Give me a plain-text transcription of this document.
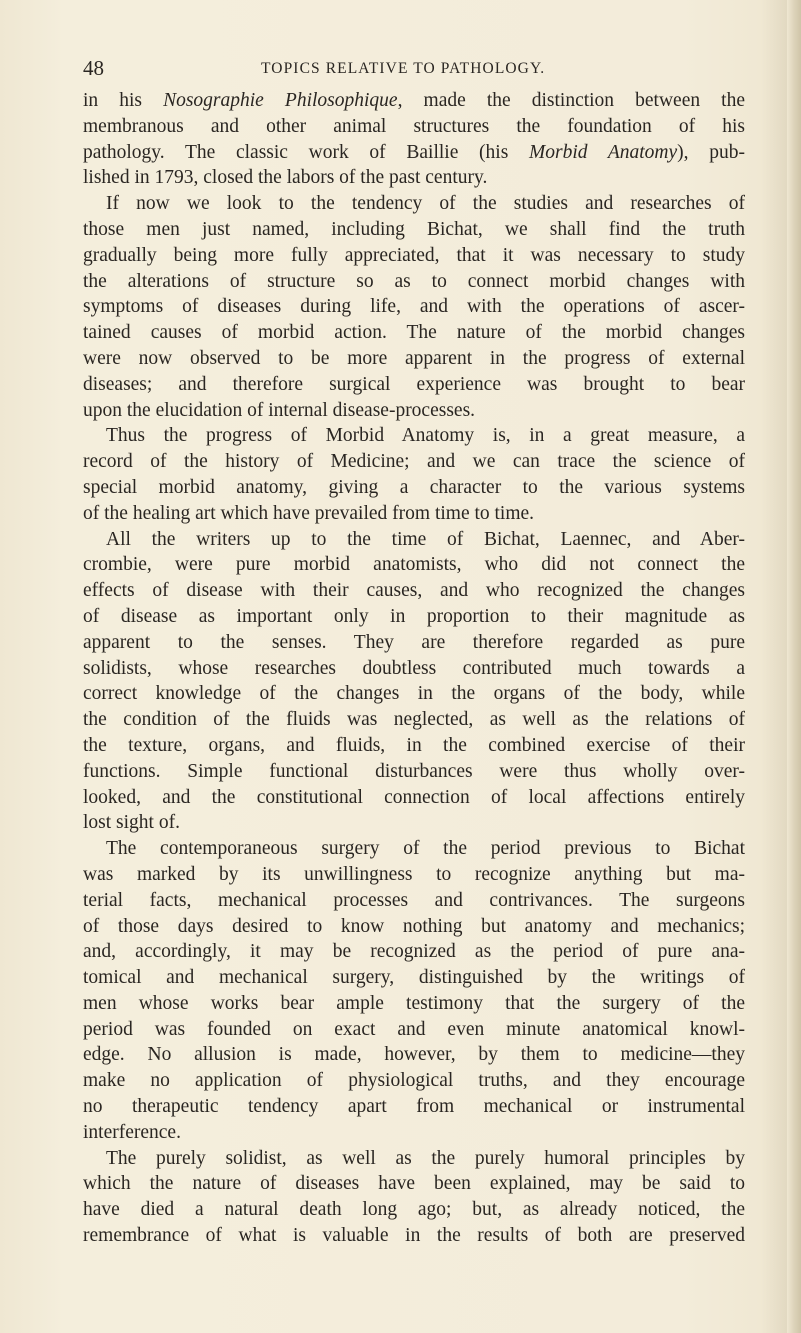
48	TOPICS RELATIVE TO PATHOLOGY.
in his Nosographie Philosophique, made the distinction between the
membranous and other animal structures the foundation of his
pathology. The classic work of Baillie (his Morbid Anatomy), pub-
lished in 1793, closed the labors of the past century.
If now we look to the tendency of the studies and researches of
those men just named, including Bichat, we shall find the truth
gradually being more fully appreciated, that it was necessary to study
the alterations of structure so as to connect morbid changes with
symptoms of diseases during life, and with the operations of ascer-
tained causes of morbid action. The nature of the morbid changes
were now observed to be more apparent in the progress of external
diseases; and therefore surgical experience was brought to bear
upon the elucidation of internal disease-processes.
Thus the progress of Morbid Anatomy is, in a great measure, a
record of the history of Medicine; and we can trace the science of
special morbid anatomy, giving a character to the various systems
of the healing art which have prevailed from time to time.
All the writers up to the time of Bichat, Laennec, and Aber-
crombie, were pure morbid anatomists, who did not connect the
effects of disease with their causes, and who recognized the changes
of disease as important only in proportion to their magnitude as
apparent to the senses. They are therefore regarded as pure
solidists, whose researches doubtless contributed much towards a
correct knowledge of the changes in the organs of the body, while
the condition of the fluids was neglected, as well as the relations of
the texture, organs, and fluids, in the combined exercise of their
functions. Simple functional disturbances were thus wholly over-
looked, and the constitutional connection of local affections entirely
lost sight of.
The contemporaneous surgery of the period previous to Bichat
was marked by its unwillingness to recognize anything but ma-
terial facts, mechanical processes and contrivances. The surgeons
of those days desired to know nothing but anatomy and mechanics;
and, accordingly, it may be recognized as the period of pure ana-
tomical and mechanical surgery, distinguished by the writings of
men whose works bear ample testimony that the surgery of the
period was founded on exact and even minute anatomical knowl-
edge. No allusion is made, however, by them to medicine—they
make no application of physiological truths, and they encourage
no therapeutic tendency apart from mechanical or instrumental
interference.
The purely solidist, as well as the purely humoral principles by
which the nature of diseases have been explained, may be said to
have died a natural death long ago; but, as already noticed, the
remembrance of what is valuable in the results of both are preserved
